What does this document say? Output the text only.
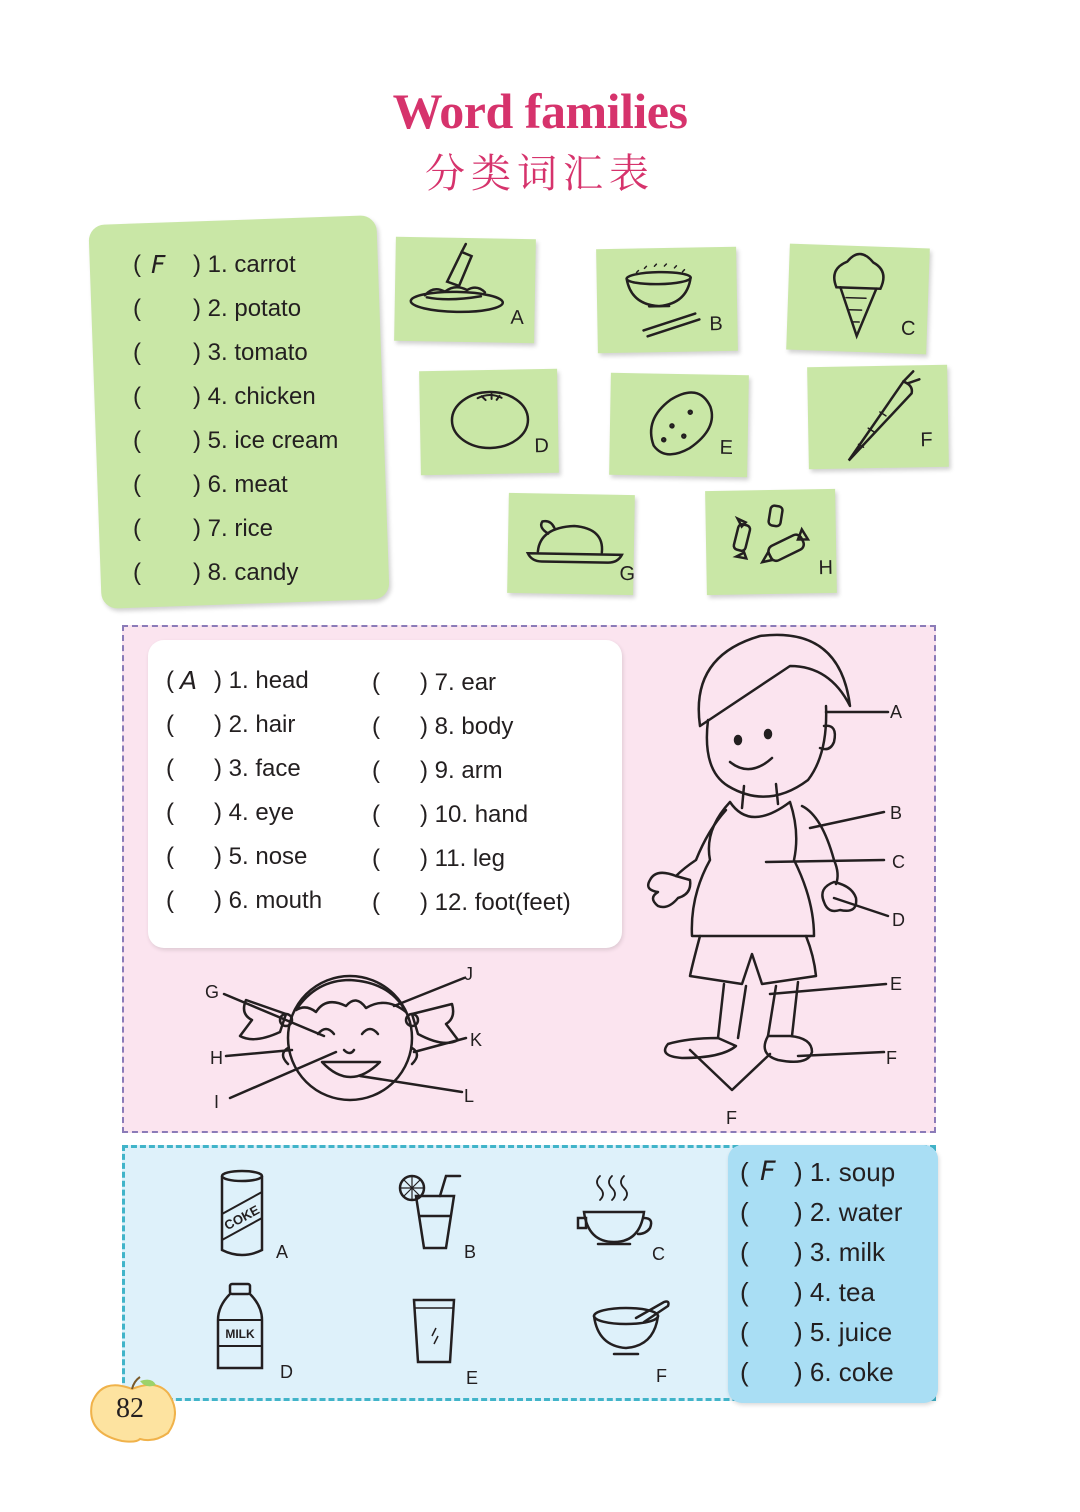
Word families
分类词汇表
( F ) 1. carrot
( ) 2. potato
( ) 3. tomato
( ) 4. chicken
( ) 5. ice cream
( ) 6. meat
( ) 7. rice
( ) 8. candy
A	B	C
D	E	F
G	H
( A ) 1. head
( ) 2. hair
( ) 3. face
( ) 4. eye
( ) 5. nose
( ) 6. mouth
( ) 7. ear
( ) 8. body
( ) 9. arm
( ) 10. hand
( ) 11. leg
( ) 12. foot(feet)
A
B
C
D
E
F
F
G
J
H
K
I	L
( F ) 1. soup
( ) 2. water
( ) 3. milk
( ) 4. tea
( ) 5. juice
( ) 6. coke
COKE
A	B	C
MILK
D	E	F
82
